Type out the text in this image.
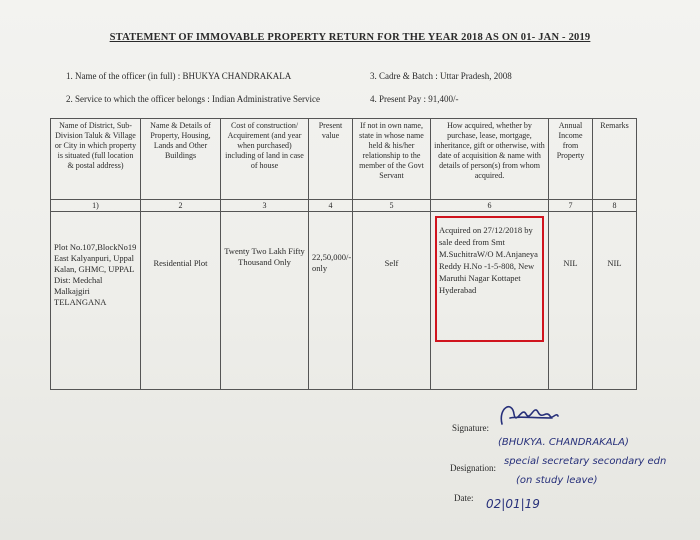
STATEMENT OF IMMOVABLE PROPERTY RETURN FOR THE YEAR 2018 AS ON 01- JAN - 2019
1. Name of the officer (in full) : BHUKYA CHANDRAKALA	3. Cadre & Batch : Uttar Pradesh, 2008
2. Service to which the officer belongs : Indian Administrative Service	4. Present Pay : 91,400/-
Name of District, Sub-Division Taluk & Village or City in which property is situated (full location & postal address)	Name & Details of Property, Housing, Lands and Other Buildings	Cost of construction/ Acquirement (and year when purchased) including of land in case of house	Present value	If not in own name, state in whose name held & his/her relationship to the member of the Govt Servant	How acquired, whether by purchase, lease, mortgage, inheritance, gift or otherwise, with date of acquisition & name with details of person(s) from whom acquired.	Annual Income from Property	Remarks
1)	2	3	4	5	6	7	8
Plot No.107,BlockNo19 East Kalyanpuri, Uppal Kalan, GHMC, UPPAL Dist: Medchal Malkajgiri TELANGANA	Residential Plot	Twenty Two Lakh Fifty Thousand Only	22,50,000/- only	Self	Acquired on 27/12/2018 by sale deed from Smt M.SuchitraW/O M.Anjaneya Reddy H.No -1-5-808, New Maruthi Nagar Kottapet Hyderabad	NIL	NIL
Signature:
Designation:
Date:
(BHUKYA. CHANDRAKALA)
special secretary secondary edn
(on study leave)
02|01|19
